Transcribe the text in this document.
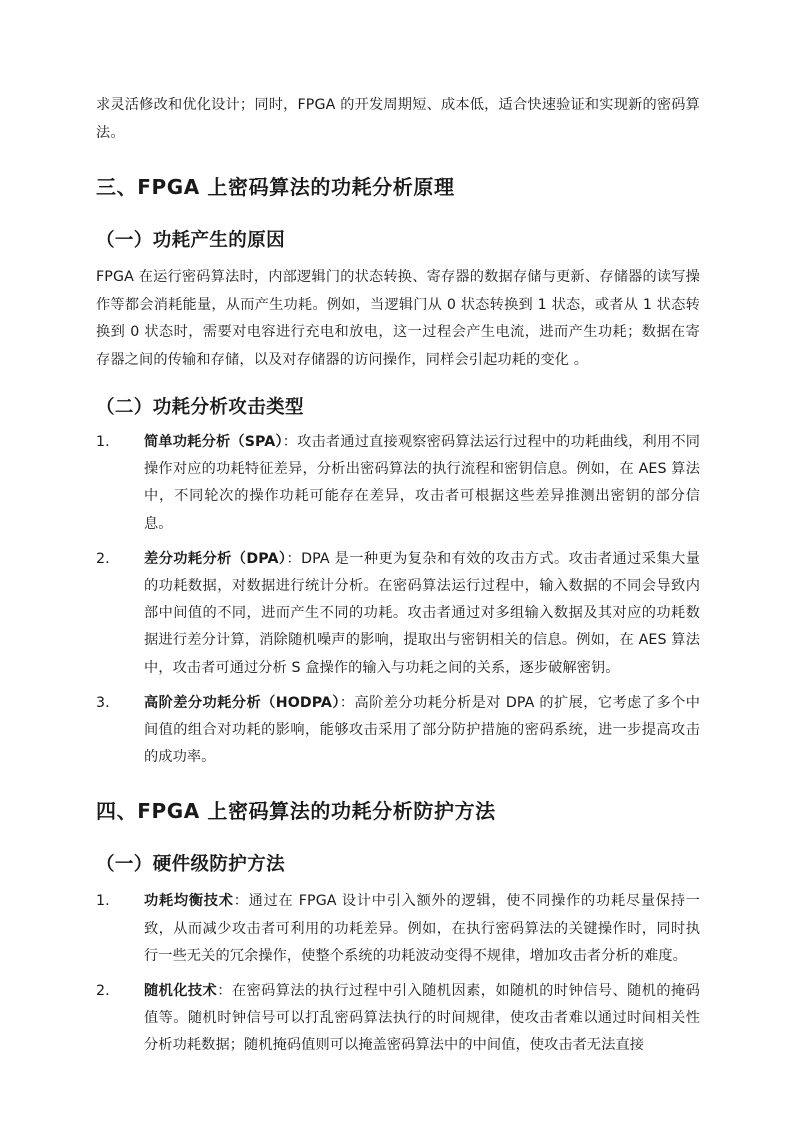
求灵活修改和优化设计；同时，FPGA 的开发周期短、成本低，适合快速验证和实现新的密码算法。

三、FPGA 上密码算法的功耗分析原理
（一）功耗产生的原因

FPGA 在运行密码算法时，内部逻辑门的状态转换、寄存器的数据存储与更新、存储器的读写操作等都会消耗能量，从而产生功耗。例如，当逻辑门从 0 状态转换到 1 状态，或者从 1 状态转换到 0 状态时，需要对电容进行充电和放电，这一过程会产生电流，进而产生功耗；数据在寄存器之间的传输和存储，以及对存储器的访问操作，同样会引起功耗的变化 。

（二）功耗分析攻击类型
1. 简单功耗分析（SPA）：攻击者通过直接观察密码算法运行过程中的功耗曲线，利用不同操作对应的功耗特征差异，分析出密码算法的执行流程和密钥信息。例如，在 AES 算法中，不同轮次的操作功耗可能存在差异，攻击者可根据这些差异推测出密钥的部分信息。
2. 差分功耗分析（DPA）：DPA 是一种更为复杂和有效的攻击方式。攻击者通过采集大量的功耗数据，对数据进行统计分析。在密码算法运行过程中，输入数据的不同会导致内部中间值的不同，进而产生不同的功耗。攻击者通过对多组输入数据及其对应的功耗数据进行差分计算，消除随机噪声的影响，提取出与密钥相关的信息。例如，在 AES 算法中，攻击者可通过分析 S 盒操作的输入与功耗之间的关系，逐步破解密钥。
3. 高阶差分功耗分析（HODPA）：高阶差分功耗分析是对 DPA 的扩展，它考虑了多个中间值的组合对功耗的影响，能够攻击采用了部分防护措施的密码系统，进一步提高攻击的成功率。
四、FPGA 上密码算法的功耗分析防护方法
（一）硬件级防护方法
1. 功耗均衡技术：通过在 FPGA 设计中引入额外的逻辑，使不同操作的功耗尽量保持一致，从而减少攻击者可利用的功耗差异。例如，在执行密码算法的关键操作时，同时执行一些无关的冗余操作，使整个系统的功耗波动变得不规律，增加攻击者分析的难度。
2. 随机化技术：在密码算法的执行过程中引入随机因素，如随机的时钟信号、随机的掩码值等。随机时钟信号可以打乱密码算法执行的时间规律，使攻击者难以通过时间相关性分析功耗数据；随机掩码值则可以掩盖密码算法中的中间值，使攻击者无法直接
